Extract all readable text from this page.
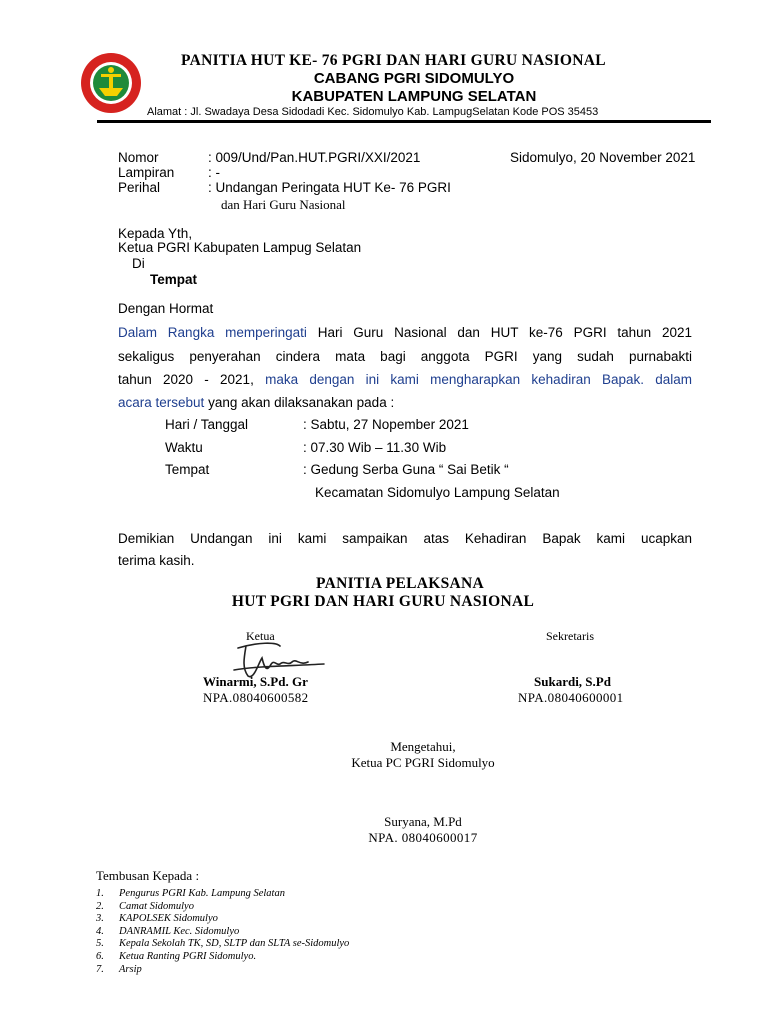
PANITIA HUT KE- 76 PGRI DAN HARI GURU NASIONAL
CABANG PGRI SIDOMULYO
KABUPATEN LAMPUNG SELATAN
Alamat : Jl. Swadaya Desa Sidodadi Kec. Sidomulyo Kab. LampugSelatan Kode POS 35453
Nomor	: 009/Und/Pan.HUT.PGRI/XXI/2021	Sidomulyo, 20 November 2021
Lampiran : -
Perihal	: Undangan Peringata HUT Ke- 76 PGRI
dan Hari Guru Nasional
Kepada Yth,
Ketua PGRI Kabupaten Lampug Selatan
Di
Tempat
Dengan Hormat
Dalam Rangka memperingati Hari Guru Nasional dan HUT ke-76 PGRI tahun 2021
sekaligus penyerahan cindera mata bagi anggota PGRI yang sudah purnabakti
tahun 2020 - 2021, maka dengan ini kami mengharapkan kehadiran Bapak. dalam
acara tersebut yang akan dilaksanakan pada :
Hari / Tanggal	: Sabtu, 27 Nopember 2021
Waktu	: 07.30 Wib – 11.30 Wib
Tempat	: Gedung Serba Guna “ Sai Betik “
Kecamatan Sidomulyo Lampung Selatan
Demikian Undangan ini kami sampaikan atas Kehadiran Bapak kami ucapkan
terima kasih.
PANITIA PELAKSANA
HUT PGRI DAN HARI GURU NASIONAL
Ketua
Winarmi, S.Pd. Gr
NPA.08040600582
Sekretaris
Sukardi, S.Pd
NPA.08040600001
Mengetahui,
Ketua PC PGRI Sidomulyo
Suryana, M.Pd
NPA. 08040600017
Tembusan Kepada :
1. Pengurus PGRI Kab. Lampung Selatan
2. Camat Sidomulyo
3. KAPOLSEK Sidomulyo
4. DANRAMIL Kec. Sidomulyo
5. Kepala Sekolah TK, SD, SLTP dan SLTA se-Sidomulyo
6. Ketua Ranting PGRI Sidomulyo.
7. Arsip
